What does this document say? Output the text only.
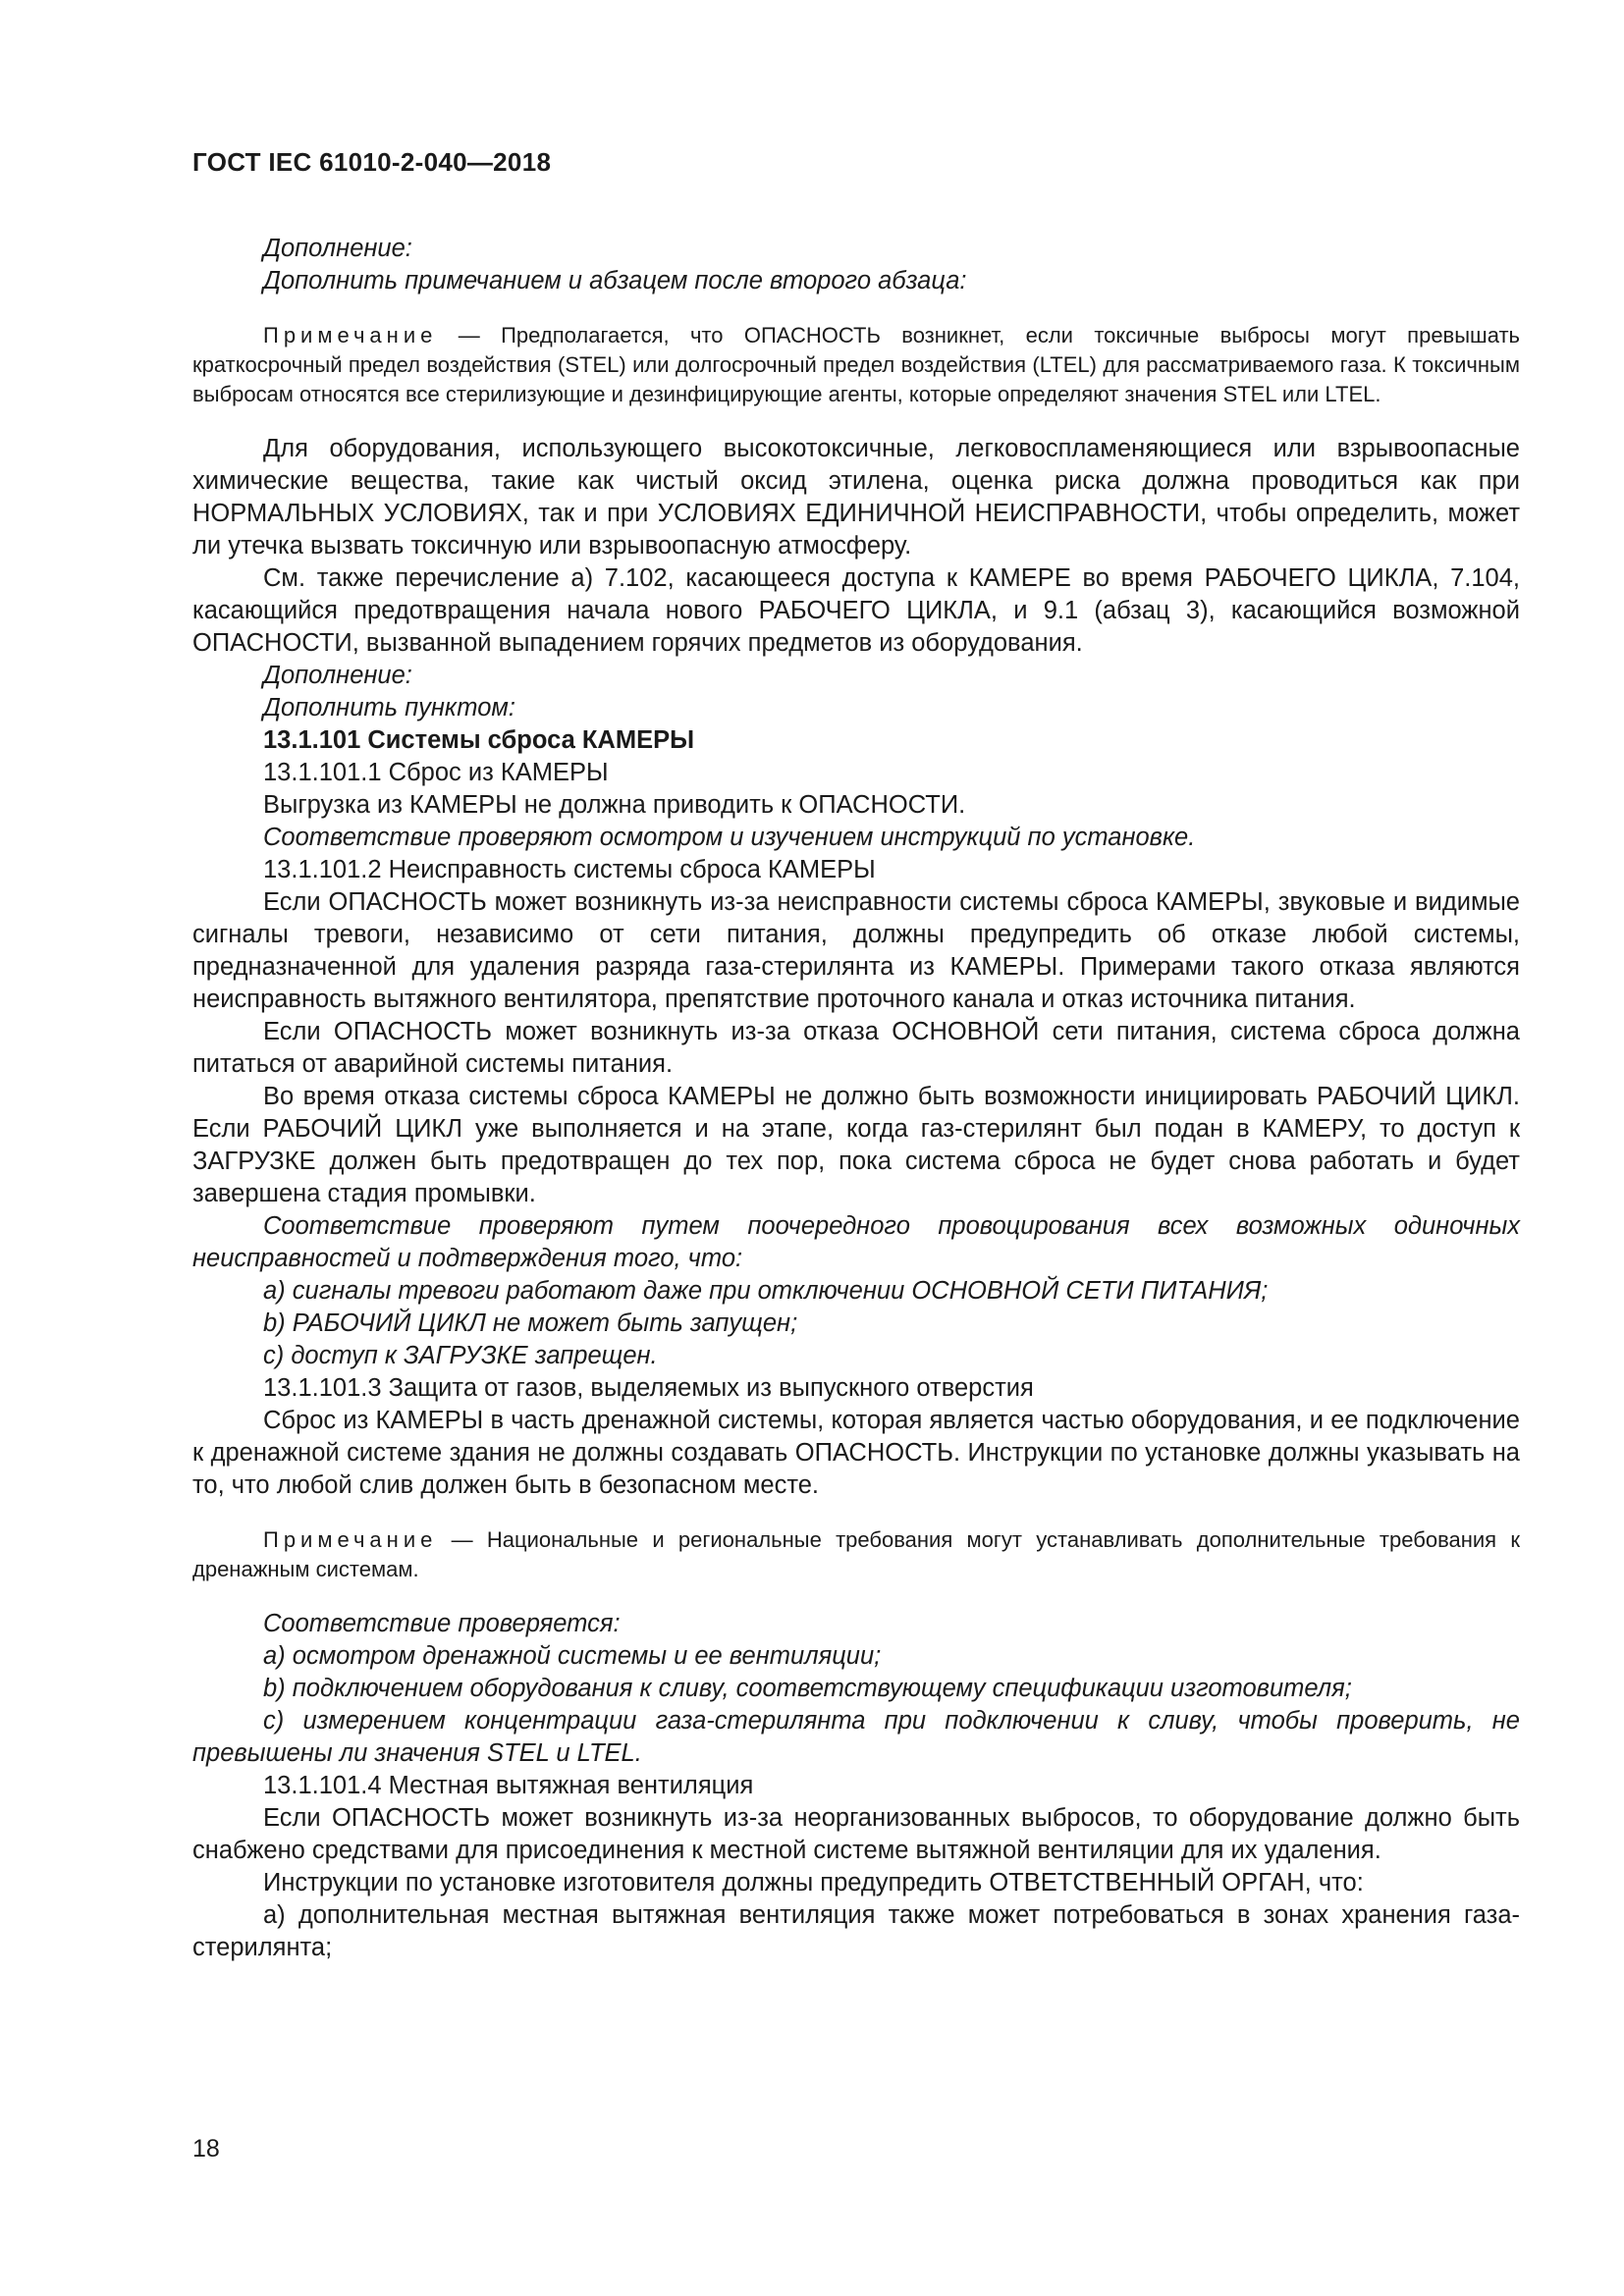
ГОСТ IEC 61010-2-040—2018

Дополнение:

Дополнить примечанием и абзацем после второго абзаца:

Примечание — Предполагается, что ОПАСНОСТЬ возникнет, если токсичные выбросы могут превышать краткосрочный предел воздействия (STEL) или долгосрочный предел воздействия (LTEL) для рассматриваемого газа. К токсичным выбросам относятся все стерилизующие и дезинфицирующие агенты, которые определяют значения STEL или LTEL.

Для оборудования, использующего высокотоксичные, легковоспламеняющиеся или взрывоопасные химические вещества, такие как чистый оксид этилена, оценка риска должна проводиться как при НОРМАЛЬНЫХ УСЛОВИЯХ, так и при УСЛОВИЯХ ЕДИНИЧНОЙ НЕИСПРАВНОСТИ, чтобы определить, может ли утечка вызвать токсичную или взрывоопасную атмосферу.

См. также перечисление а) 7.102, касающееся доступа к КАМЕРЕ во время РАБОЧЕГО ЦИКЛА, 7.104, касающийся предотвращения начала нового РАБОЧЕГО ЦИКЛА, и 9.1 (абзац 3), касающийся возможной ОПАСНОСТИ, вызванной выпадением горячих предметов из оборудования.

Дополнение:

Дополнить пунктом:

13.1.101 Системы сброса КАМЕРЫ

13.1.101.1 Сброс из КАМЕРЫ

Выгрузка из КАМЕРЫ не должна приводить к ОПАСНОСТИ.

Соответствие проверяют осмотром и изучением инструкций по установке.

13.1.101.2 Неисправность системы сброса КАМЕРЫ

Если ОПАСНОСТЬ может возникнуть из-за неисправности системы сброса КАМЕРЫ, звуковые и видимые сигналы тревоги, независимо от сети питания, должны предупредить об отказе любой системы, предназначенной для удаления разряда газа-стерилянта из КАМЕРЫ. Примерами такого отказа являются неисправность вытяжного вентилятора, препятствие проточного канала и отказ источника питания.

Если ОПАСНОСТЬ может возникнуть из-за отказа ОСНОВНОЙ сети питания, система сброса должна питаться от аварийной системы питания.

Во время отказа системы сброса КАМЕРЫ не должно быть возможности инициировать РАБОЧИЙ ЦИКЛ. Если РАБОЧИЙ ЦИКЛ уже выполняется и на этапе, когда газ-стерилянт был подан в КАМЕРУ, то доступ к ЗАГРУЗКЕ должен быть предотвращен до тех пор, пока система сброса не будет снова работать и будет завершена стадия промывки.

Соответствие проверяют путем поочередного провоцирования всех возможных одиночных неисправностей и подтверждения того, что:

a) сигналы тревоги работают даже при отключении ОСНОВНОЙ СЕТИ ПИТАНИЯ;

b) РАБОЧИЙ ЦИКЛ не может быть запущен;

c) доступ к ЗАГРУЗКЕ запрещен.

13.1.101.3 Защита от газов, выделяемых из выпускного отверстия

Сброс из КАМЕРЫ в часть дренажной системы, которая является частью оборудования, и ее подключение к дренажной системе здания не должны создавать ОПАСНОСТЬ. Инструкции по установке должны указывать на то, что любой слив должен быть в безопасном месте.

Примечание — Национальные и региональные требования могут устанавливать дополнительные требования к дренажным системам.

Соответствие проверяется:

a) осмотром дренажной системы и ее вентиляции;

b) подключением оборудования к сливу, соответствующему спецификации изготовителя;

c) измерением концентрации газа-стерилянта при подключении к сливу, чтобы проверить, не превышены ли значения STEL и LTEL.

13.1.101.4 Местная вытяжная вентиляция

Если ОПАСНОСТЬ может возникнуть из-за неорганизованных выбросов, то оборудование должно быть снабжено средствами для присоединения к местной системе вытяжной вентиляции для их удаления.

Инструкции по установке изготовителя должны предупредить ОТВЕТСТВЕННЫЙ ОРГАН, что:

a) дополнительная местная вытяжная вентиляция также может потребоваться в зонах хранения газа-стерилянта;

18
